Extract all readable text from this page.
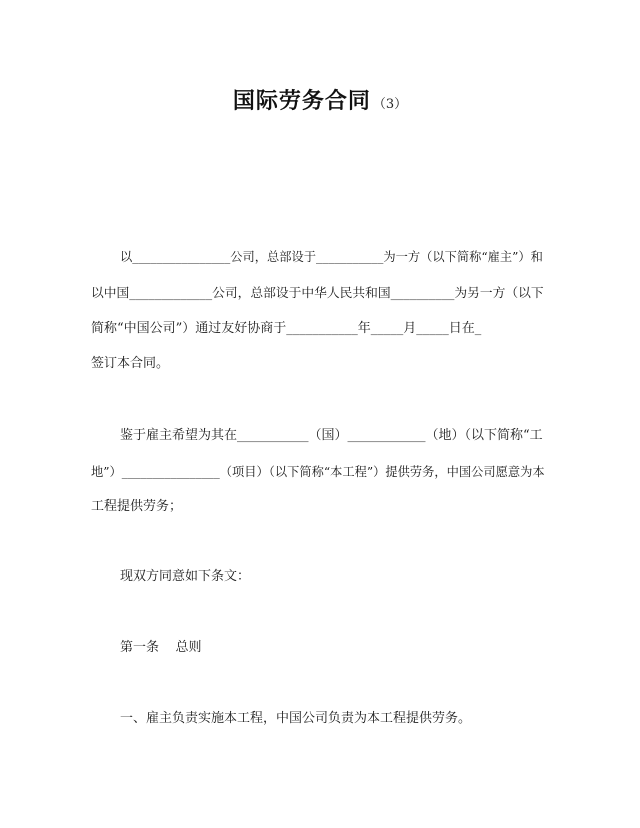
国际劳务合同 （3）
以________________公司，总部设于___________为一方（以下简称“雇主”）和
以中国_____________公司，总部设于中华人民共和国__________为另一方（以下
简称“中国公司”）通过友好协商于___________年_____月_____日在_
签订本合同。
鉴于雇主希望为其在___________（国）____________（地）（以下简称“工
地”）________________（项目）（以下简称“本工程”）提供劳务，中国公司愿意为本
工程提供劳务；
现双方同意如下条文：
第一条    总则
一、雇主负责实施本工程，中国公司负责为本工程提供劳务。
